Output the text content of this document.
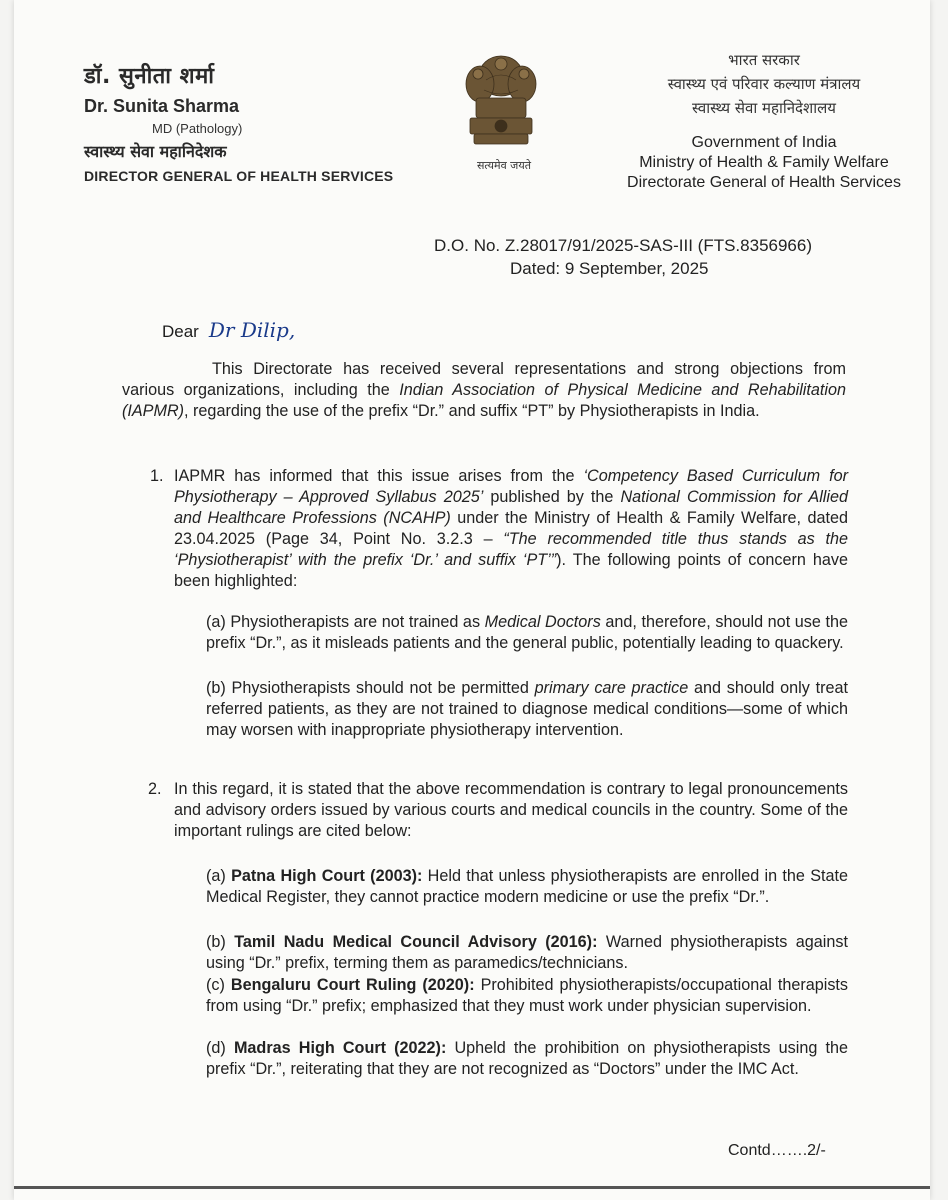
डॉ. सुनीता शर्मा
Dr. Sunita Sharma
MD (Pathology)
स्वास्थ्य सेवा महानिदेशक
DIRECTOR GENERAL OF HEALTH SERVICES
सत्यमेव जयते
भारत सरकार
स्वास्थ्य एवं परिवार कल्याण मंत्रालय
स्वास्थ्य सेवा महानिदेशालय
Government of India
Ministry of Health & Family Welfare
Directorate General of Health Services
D.O. No. Z.28017/91/2025-SAS-III (FTS.8356966)
Dated: 9 September, 2025
Dear Dr Dilip,
This Directorate has received several representations and strong objections from various organizations, including the Indian Association of Physical Medicine and Rehabilitation (IAPMR), regarding the use of the prefix “Dr.” and suffix “PT” by Physiotherapists in India.
1. IAPMR has informed that this issue arises from the ‘Competency Based Curriculum for Physiotherapy – Approved Syllabus 2025’ published by the National Commission for Allied and Healthcare Professions (NCAHP) under the Ministry of Health & Family Welfare, dated 23.04.2025 (Page 34, Point No. 3.2.3 – “The recommended title thus stands as the ‘Physiotherapist’ with the prefix ‘Dr.’ and suffix ‘PT’”). The following points of concern have been highlighted:
(a) Physiotherapists are not trained as Medical Doctors and, therefore, should not use the prefix “Dr.”, as it misleads patients and the general public, potentially leading to quackery.
(b) Physiotherapists should not be permitted primary care practice and should only treat referred patients, as they are not trained to diagnose medical conditions—some of which may worsen with inappropriate physiotherapy intervention.
2. In this regard, it is stated that the above recommendation is contrary to legal pronouncements and advisory orders issued by various courts and medical councils in the country. Some of the important rulings are cited below:
(a) Patna High Court (2003): Held that unless physiotherapists are enrolled in the State Medical Register, they cannot practice modern medicine or use the prefix “Dr.”.
(b) Tamil Nadu Medical Council Advisory (2016): Warned physiotherapists against using “Dr.” prefix, terming them as paramedics/technicians.
(c) Bengaluru Court Ruling (2020): Prohibited physiotherapists/occupational therapists from using “Dr.” prefix; emphasized that they must work under physician supervision.
(d) Madras High Court (2022): Upheld the prohibition on physiotherapists using the prefix “Dr.”, reiterating that they are not recognized as “Doctors” under the IMC Act.
Contd…….2/-
